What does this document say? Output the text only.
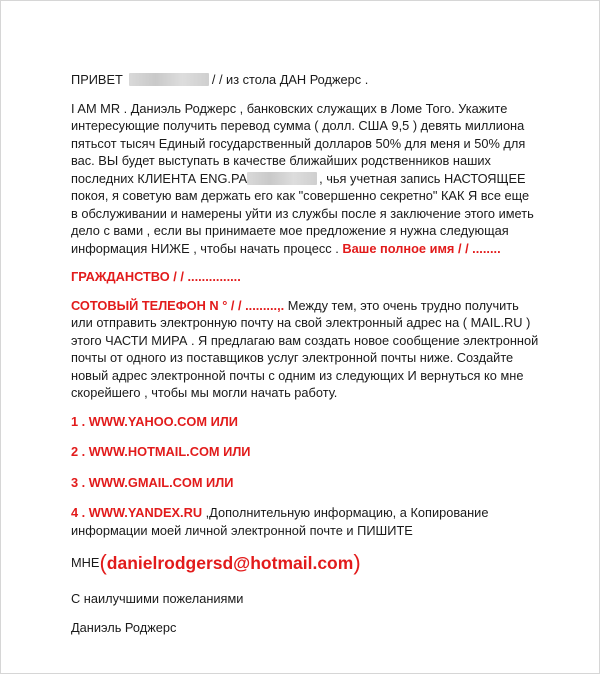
ПРИВЕТ	/ / из стола ДАН Роджерс .

I AM MR . Даниэль Роджерс , банковских служащих в Ломе Того. Укажите интересующие получить перевод сумма ( долл. США 9,5 ) девять миллиона пятьсот тысяч Единый государственный долларов 50% для меня и 50% для вас. ВЫ будет выступать в качестве ближайших родственников наших последних КЛИЕНТА ENG.PA	, чья учетная запись НАСТОЯЩЕЕ покоя, я советую вам держать его как "совершенно секретно" КАК Я все еще в обслуживании и намерены уйти из службы после я заключение этого иметь дело с вами , если вы принимаете мое предложение я нужна следующая информация НИЖЕ , чтобы начать процесс . Ваше полное имя / / ........

ГРАЖДАНСТВО / / ...............

СОТОВЫЙ ТЕЛЕФОН N ° / / .........,. Между тем, это очень трудно получить или отправить электронную почту на свой электронный адрес на ( MAIL.RU ) этого ЧАСТИ МИРА . Я предлагаю вам создать новое сообщение электронной почты от одного из поставщиков услуг электронной почты ниже. Создайте новый адрес электронной почты с одним из следующих И вернуться ко мне скорейшего , чтобы мы могли начать работу.

1 . WWW.YAHOO.COM ИЛИ

2 . WWW.HOTMAIL.COM ИЛИ

3 . WWW.GMAIL.COM ИЛИ

4 . WWW.YANDEX.RU ,Дополнительную информацию, а Копирование информации моей личной электронной почте и ПИШИТЕ

МНЕ(danielrodgersd@hotmail.com)

С наилучшими пожеланиями

Даниэль Роджерс
